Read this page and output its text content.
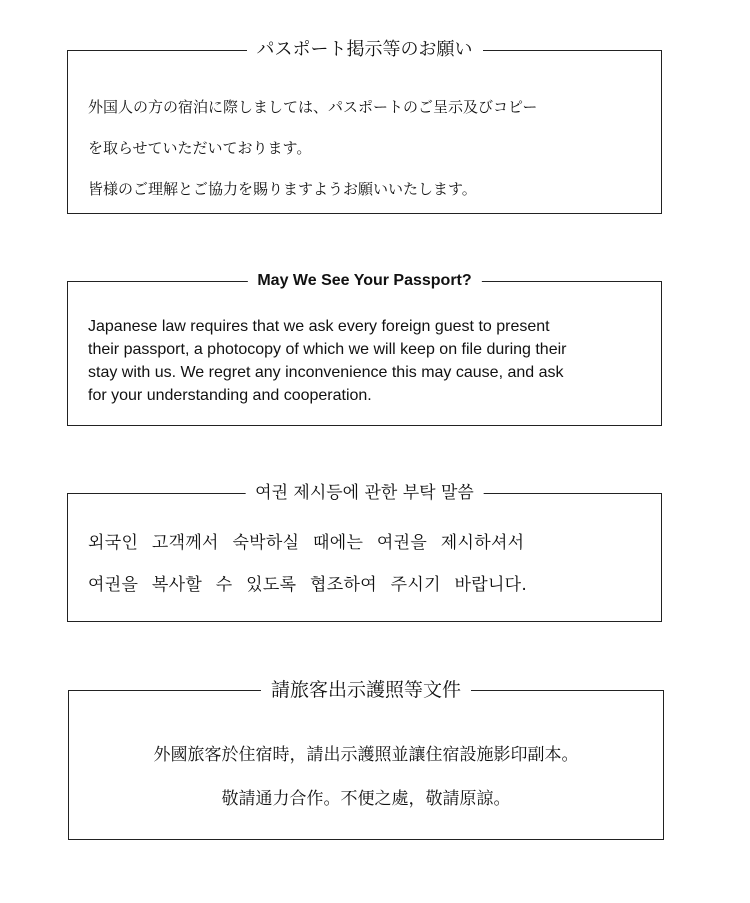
パスポート掲示等のお願い
外国人の方の宿泊に際しましては、パスポートのご呈示及びコピー
を取らせていただいております。
皆様のご理解とご協力を賜りますようお願いいたします。
May We See Your Passport?
Japanese law requires that we ask every foreign guest to present
their passport, a photocopy of which we will keep on file during their
stay with us. We regret any inconvenience this may cause, and ask
for your understanding and cooperation.
여권 제시등에 관한 부탁 말씀
외국인 고객께서 숙박하실 때에는 여권을 제시하셔서
여권을 복사할 수 있도록 협조하여 주시기 바랍니다.
請旅客出示護照等文件
外國旅客於住宿時，請出示護照並讓住宿設施影印副本。
敬請通力合作。不便之處，敬請原諒。
